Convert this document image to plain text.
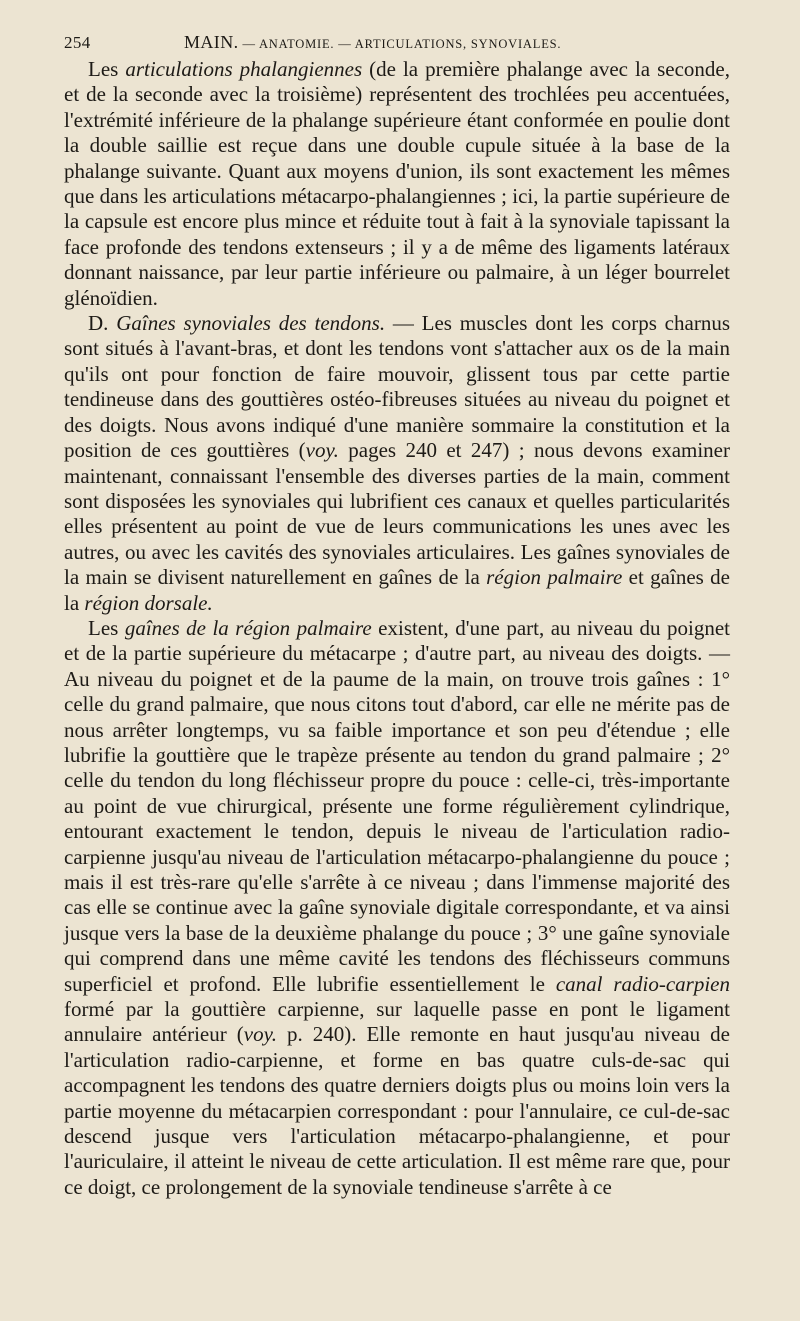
254	MAIN. — ANATOMIE. — ARTICULATIONS, SYNOVIALES.

Les articulations phalangiennes (de la première phalange avec la seconde, et de la seconde avec la troisième) représentent des trochlées peu accentuées, l'extrémité inférieure de la phalange supérieure étant conformée en poulie dont la double saillie est reçue dans une double cupule située à la base de la phalange suivante. Quant aux moyens d'union, ils sont exactement les mêmes que dans les articulations métacarpo-phalangiennes ; ici, la partie supérieure de la capsule est encore plus mince et réduite tout à fait à la synoviale tapissant la face profonde des tendons extenseurs ; il y a de même des ligaments latéraux donnant naissance, par leur partie inférieure ou palmaire, à un léger bourrelet glénoïdien.

D. Gaînes synoviales des tendons. — Les muscles dont les corps charnus sont situés à l'avant-bras, et dont les tendons vont s'attacher aux os de la main qu'ils ont pour fonction de faire mouvoir, glissent tous par cette partie tendineuse dans des gouttières ostéo-fibreuses situées au niveau du poignet et des doigts. Nous avons indiqué d'une manière sommaire la constitution et la position de ces gouttières (voy. pages 240 et 247) ; nous devons examiner maintenant, connaissant l'ensemble des diverses parties de la main, comment sont disposées les synoviales qui lubrifient ces canaux et quelles particularités elles présentent au point de vue de leurs communications les unes avec les autres, ou avec les cavités des synoviales articulaires. Les gaînes synoviales de la main se divisent naturellement en gaînes de la région palmaire et gaînes de la région dorsale.

Les gaînes de la région palmaire existent, d'une part, au niveau du poignet et de la partie supérieure du métacarpe ; d'autre part, au niveau des doigts. — Au niveau du poignet et de la paume de la main, on trouve trois gaînes : 1° celle du grand palmaire, que nous citons tout d'abord, car elle ne mérite pas de nous arrêter longtemps, vu sa faible importance et son peu d'étendue ; elle lubrifie la gouttière que le trapèze présente au tendon du grand palmaire ; 2° celle du tendon du long fléchisseur propre du pouce : celle-ci, très-importante au point de vue chirurgical, présente une forme régulièrement cylindrique, entourant exactement le tendon, depuis le niveau de l'articulation radio-carpienne jusqu'au niveau de l'articulation métacarpo-phalangienne du pouce ; mais il est très-rare qu'elle s'arrête à ce niveau ; dans l'immense majorité des cas elle se continue avec la gaîne synoviale digitale correspondante, et va ainsi jusque vers la base de la deuxième phalange du pouce ; 3° une gaîne synoviale qui comprend dans une même cavité les tendons des fléchisseurs communs superficiel et profond. Elle lubrifie essentiellement le canal radio-carpien formé par la gouttière carpienne, sur laquelle passe en pont le ligament annulaire antérieur (voy. p. 240). Elle remonte en haut jusqu'au niveau de l'articulation radio-carpienne, et forme en bas quatre culs-de-sac qui accompagnent les tendons des quatre derniers doigts plus ou moins loin vers la partie moyenne du métacarpien correspondant : pour l'annulaire, ce cul-de-sac descend jusque vers l'articulation métacarpo-phalangienne, et pour l'auriculaire, il atteint le niveau de cette articulation. Il est même rare que, pour ce doigt, ce prolongement de la synoviale tendineuse s'arrête à ce
